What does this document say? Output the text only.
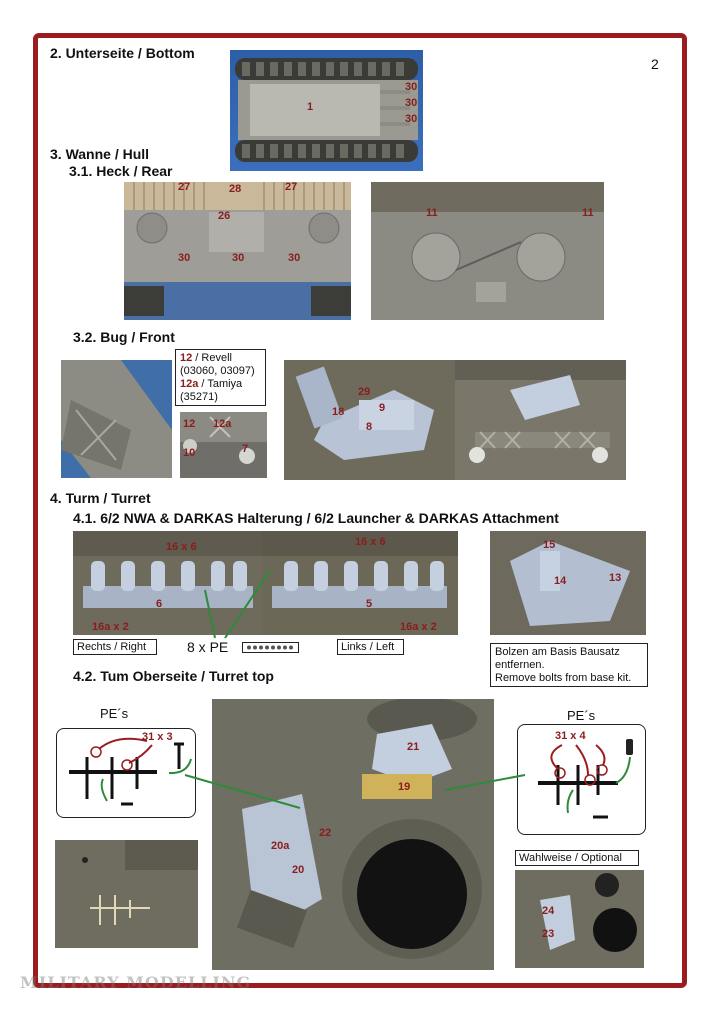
2
2. Unterseite / Bottom
1
30
30
30
3. Wanne / Hull
3.1. Heck / Rear
27	28	27
26
30	30	30
11	11
3.2. Bug / Front
12 / Revell
(03060, 03097)
12a / Tamiya
(35271)
12 12a
10	7
29
18	9
8
4. Turm / Turret
4.1. 6/2 NWA & DARKAS Halterung / 6/2 Launcher & DARKAS Attachment
16 x 6
6
16a x 2
16 x 6
5
16a x 2
Rechts / Right	Links / Left
8 x PE
15
14	13
Bolzen am Basis Bausatz
entfernen.
Remove bolts from base kit.
4.2. Tum Oberseite / Turret top
PE´s
31 x 3
21
19
22
20a
20
PE´s
31 x 4
Wahlweise / Optional
24
23
MILITARY MODELLING
